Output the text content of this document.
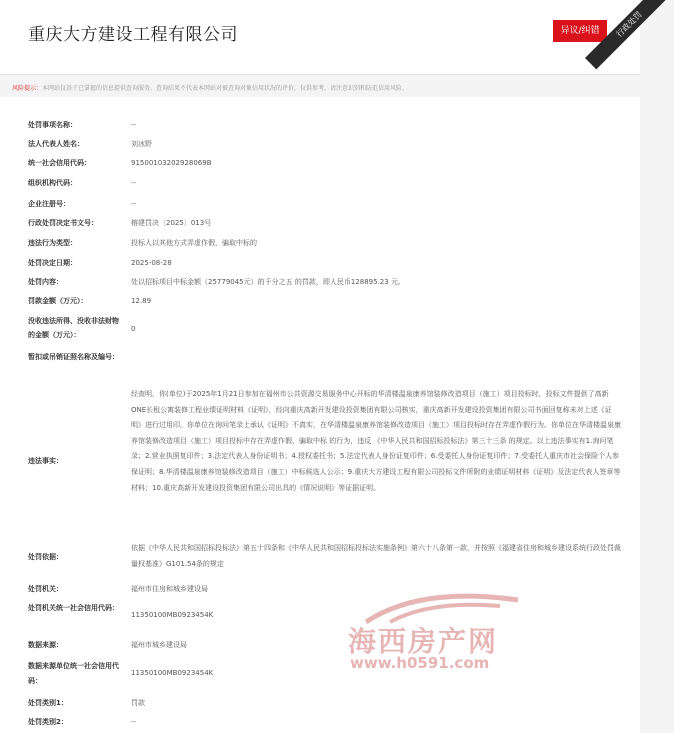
重庆大方建设工程有限公司	异议/纠错	行政处罚
风险提示：本网站仅基于已掌握的信息提供查询服务，查询结果不代表本网站对被查询对象信用状况的评价，仅供参考，请注意识别和防范信用风险。
处罚事项名称：	--
法人代表人姓名：	刘冰野
统一社会信用代码：	91500103202928069B
组织机构代码：	--
企业注册号：	--
行政处罚决定书文号：	榕建罚决〔2025〕013号
违法行为类型：	投标人以其他方式弄虚作假，骗取中标的
处罚决定日期：	2025-08-28
处罚内容：	处以招标项目中标金额（25779045元）的千分之五 的罚款，即人民币128895.23 元。
罚款金额（万元）：	12.89
没收违法所得、没收非法财物的金额（万元）：
0
暂扣或吊销证照名称及编号：
违法事实：
经查明，你(单位)于2025年1月21日参加在福州市公共资源交易服务中心开标的华清楼温泉康养馆装修改造项目（施工）项目投标时，投标文件提供了高新ONE长租公寓装修工程业绩证明材料《证明》，经向重庆高新开发建设投资集团有限公司核实，重庆高新开发建设投资集团有限公司书面回复称未对上述《证明》进行过用印。你单位在询问笔录上承认《证明》不真实，在华清楼温泉康养馆装修改造项目（施工）项目投标时存在弄虚作假行为。你单位在华清楼温泉康养馆装修改造项目（施工）项目投标中存在弄虚作假，骗取中标 的行为，违反 《中华人民共和国招标投标法》第三十三条 的规定。以上违法事实有1.询问笔录；2.营业执照复印件；3.法定代表人身份证明书；4.授权委托书；5.法定代表人身份证复印件；6.受委托人身份证复印件；7.受委托人重庆市社会保险个人参保证明；8.华清楼温泉康养馆装修改造项目（施工）中标候选人公示；9.重庆大方建设工程有限公司投标文件所附的业绩证明材料《证明》及法定代表人签章等材料；10.重庆高新开发建设投资集团有限公司出具的《情况说明》等证据证明。
处罚依据：
依据《中华人民共和国招标投标法》第五十四条和《中华人民共和国招标投标法实施条例》第六十八条第一款，并按照《福建省住房和城乡建设系统行政处罚裁量权基准》G101.54条的规定
处罚机关：	福州市住房和城乡建设局
处罚机关统一社会信用代码：
11350100MB0923454K
数据来源：	福州市城乡建设局
数据来源单位统一社会信用代码：
11350100MB0923454K
处罚类别1：	罚款
处罚类别2：	--
海西房产网
www.h0591.com
